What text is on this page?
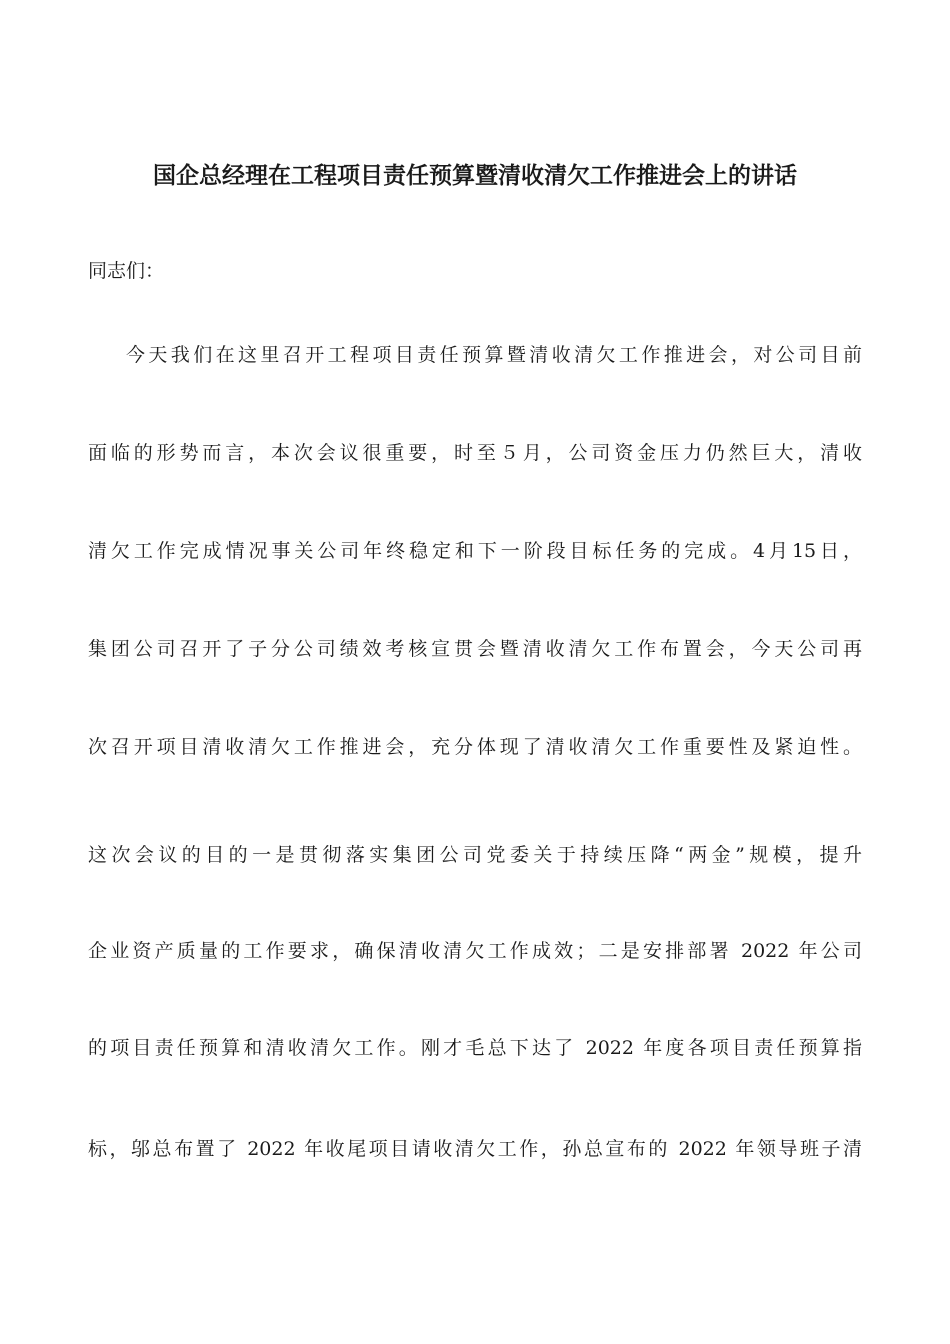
国企总经理在工程项目责任预算暨清收清欠工作推进会上的讲话

同志们：

今天我们在这里召开工程项目责任预算暨清收清欠工作推进会，对公司目前

面临的形势而言，本次会议很重要，时至５月，公司资金压力仍然巨大，清收

清欠工作完成情况事关公司年终稳定和下一阶段目标任务的完成。4月15日，

集团公司召开了子分公司绩效考核宣贯会暨清收清欠工作布置会，今天公司再

次召开项目清收清欠工作推进会，充分体现了清收清欠工作重要性及紧迫性。

这次会议的目的一是贯彻落实集团公司党委关于持续压降“两金”规模，提升

企业资产质量的工作要求，确保清收清欠工作成效；二是安排部署 2022 年公司

的项目责任预算和清收清欠工作。刚才毛总下达了 2022 年度各项目责任预算指

标，邬总布置了 2022 年收尾项目请收清欠工作，孙总宣布的 2022 年领导班子清
